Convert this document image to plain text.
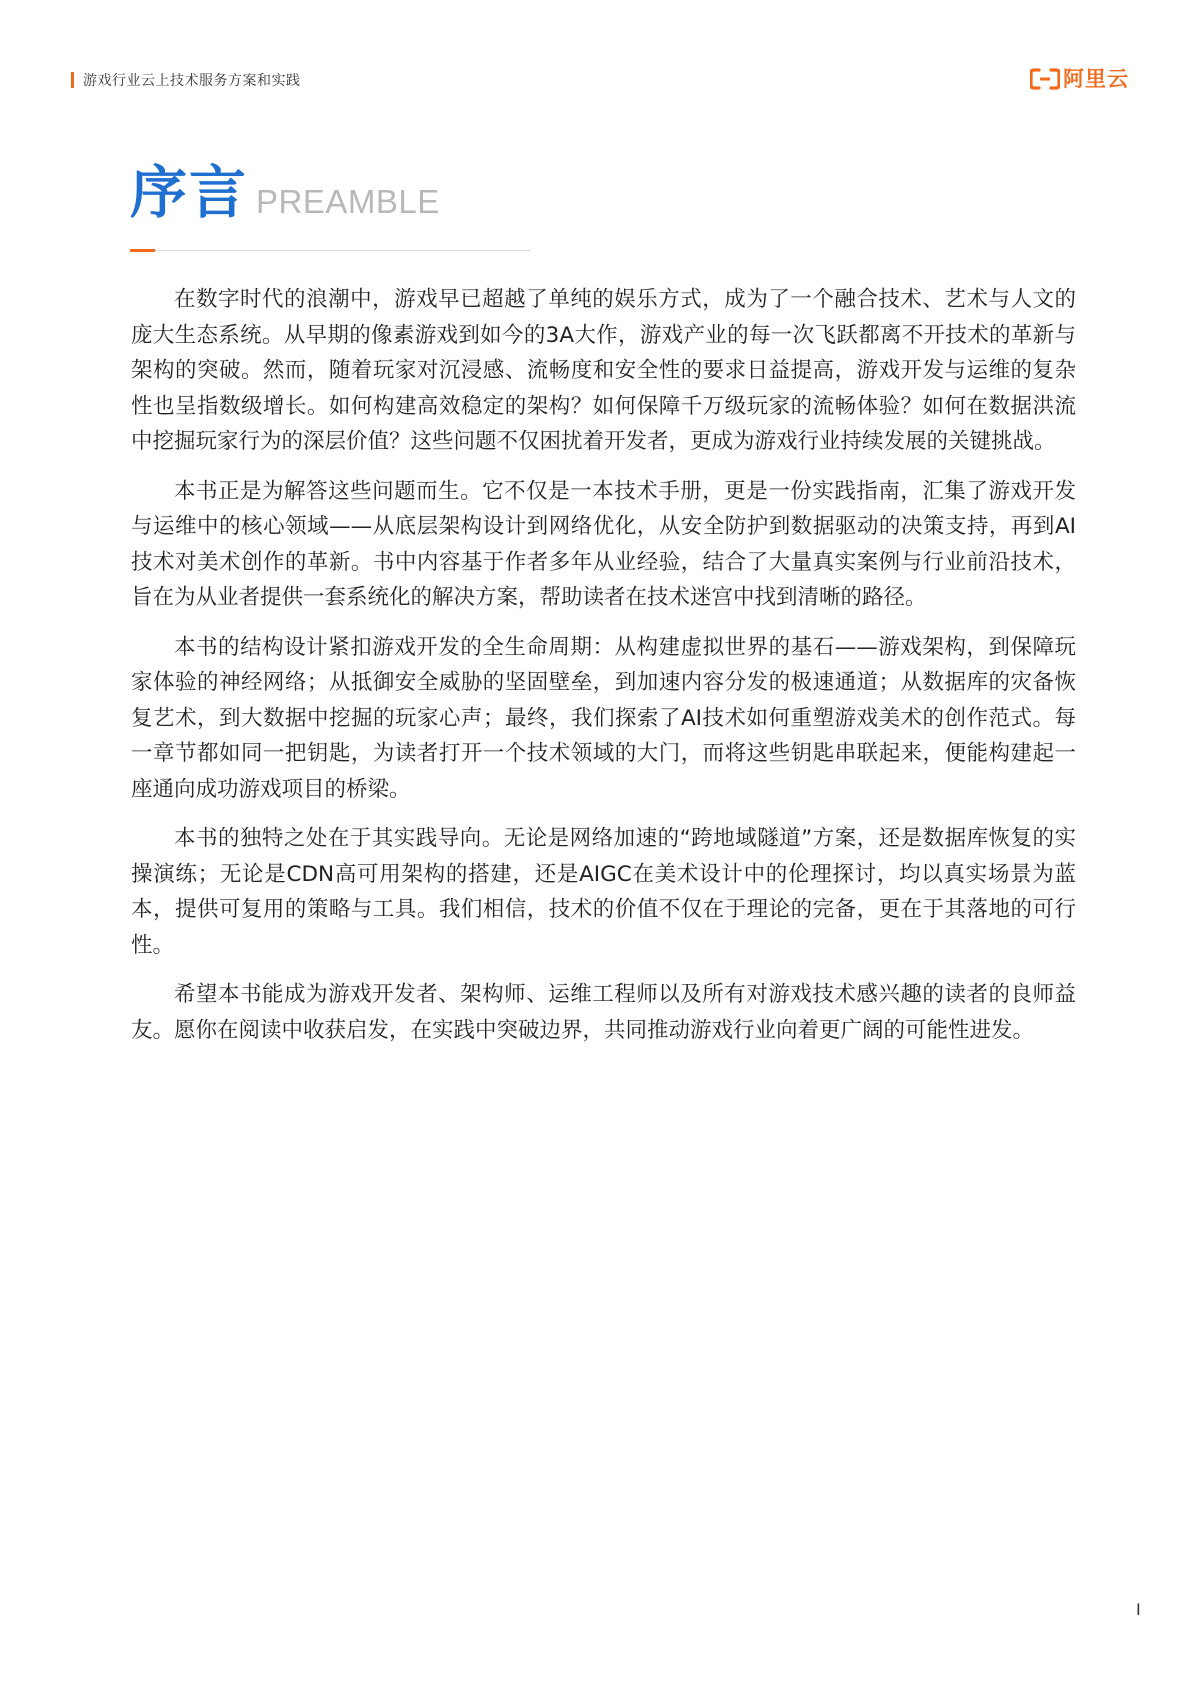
游戏行业云上技术服务方案和实践	阿里云
序言 PREAMBLE

在数字时代的浪潮中，游戏早已超越了单纯的娱乐方式，成为了一个融合技术、艺术与人文的庞大生态系统。从早期的像素游戏到如今的3A大作，游戏产业的每一次飞跃都离不开技术的革新与架构的突破。然而，随着玩家对沉浸感、流畅度和安全性的要求日益提高，游戏开发与运维的复杂性也呈指数级增长。如何构建高效稳定的架构？如何保障千万级玩家的流畅体验？如何在数据洪流中挖掘玩家行为的深层价值？这些问题不仅困扰着开发者，更成为游戏行业持续发展的关键挑战。

本书正是为解答这些问题而生。它不仅是一本技术手册，更是一份实践指南，汇集了游戏开发与运维中的核心领域——从底层架构设计到网络优化，从安全防护到数据驱动的决策支持，再到AI技术对美术创作的革新。书中内容基于作者多年从业经验，结合了大量真实案例与行业前沿技术，旨在为从业者提供一套系统化的解决方案，帮助读者在技术迷宫中找到清晰的路径。

本书的结构设计紧扣游戏开发的全生命周期：从构建虚拟世界的基石——游戏架构，到保障玩家体验的神经网络；从抵御安全威胁的坚固壁垒，到加速内容分发的极速通道；从数据库的灾备恢复艺术，到大数据中挖掘的玩家心声；最终，我们探索了AI技术如何重塑游戏美术的创作范式。每一章节都如同一把钥匙，为读者打开一个技术领域的大门，而将这些钥匙串联起来，便能构建起一座通向成功游戏项目的桥梁。

本书的独特之处在于其实践导向。无论是网络加速的“跨地域隧道”方案，还是数据库恢复的实操演练；无论是CDN高可用架构的搭建，还是AIGC在美术设计中的伦理探讨，均以真实场景为蓝本，提供可复用的策略与工具。我们相信，技术的价值不仅在于理论的完备，更在于其落地的可行性。

希望本书能成为游戏开发者、架构师、运维工程师以及所有对游戏技术感兴趣的读者的良师益友。愿你在阅读中收获启发，在实践中突破边界，共同推动游戏行业向着更广阔的可能性进发。

I
